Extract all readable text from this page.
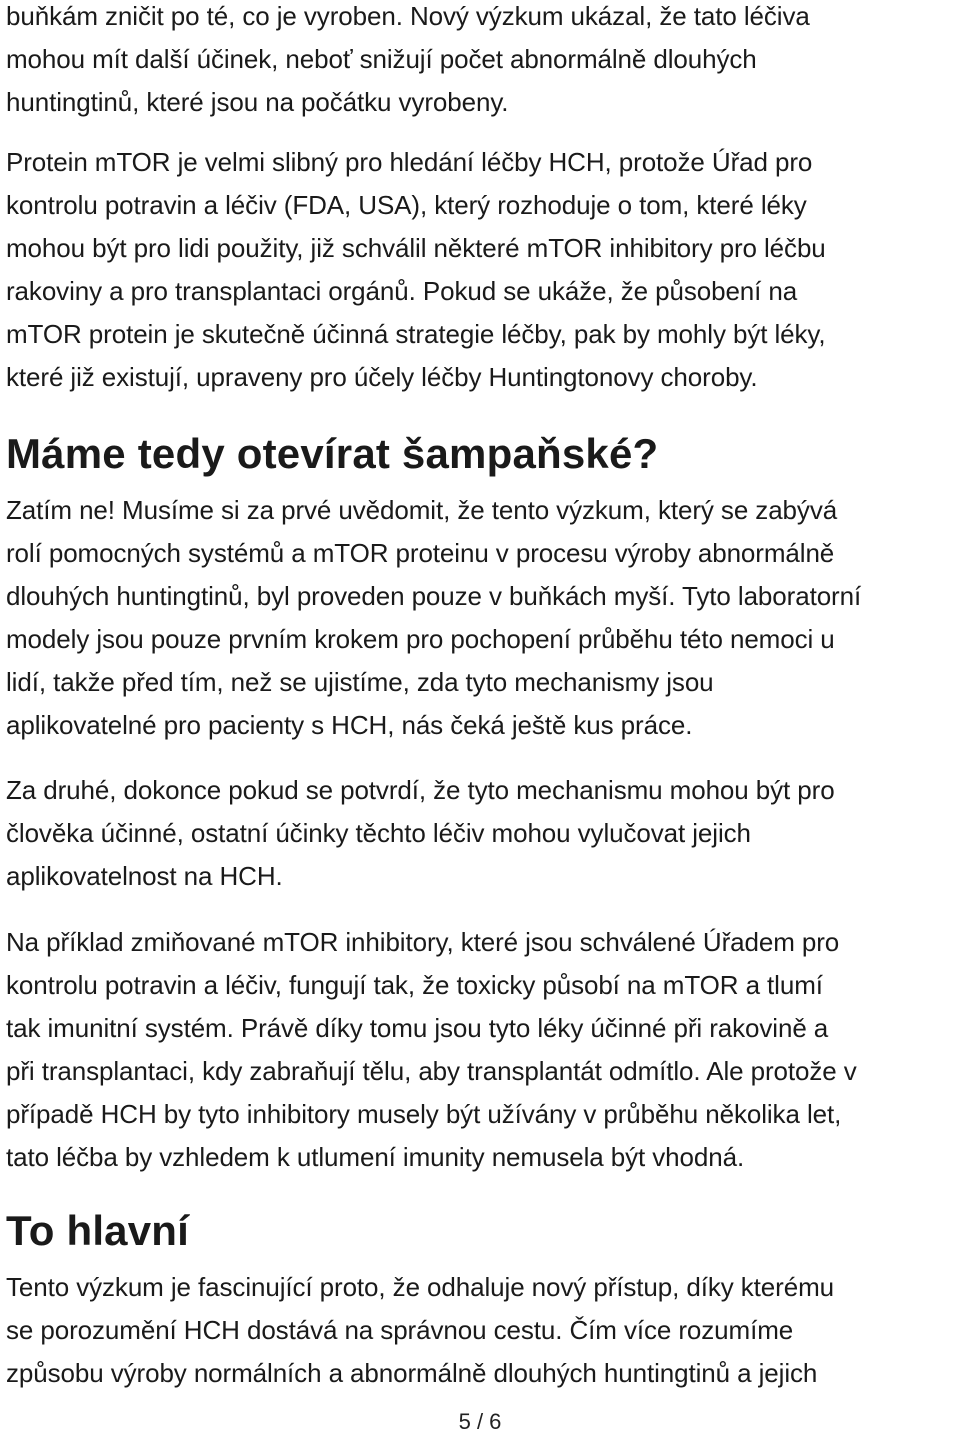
buňkám zničit po té, co je vyroben. Nový výzkum ukázal, že tato léčiva
mohou mít další účinek, neboť snižují počet abnormálně dlouhých
huntingtinů, které jsou na počátku vyrobeny.

Protein mTOR je velmi slibný pro hledání léčby HCH, protože Úřad pro
kontrolu potravin a léčiv (FDA, USA), který rozhoduje o tom, které léky
mohou být pro lidi použity, již schválil některé mTOR inhibitory pro léčbu
rakoviny a pro transplantaci orgánů. Pokud se ukáže, že působení na
mTOR protein je skutečně účinná strategie léčby, pak by mohly být léky,
které již existují, upraveny pro účely léčby Huntingtonovy choroby.

Máme tedy otevírat šampaňské?

Zatím ne! Musíme si za prvé uvědomit, že tento výzkum, který se zabývá
rolí pomocných systémů a mTOR proteinu v procesu výroby abnormálně
dlouhých huntingtinů, byl proveden pouze v buňkách myší. Tyto laboratorní
modely jsou pouze prvním krokem pro pochopení průběhu této nemoci u
lidí, takže před tím, než se ujistíme, zda tyto mechanismy jsou
aplikovatelné pro pacienty s HCH, nás čeká ještě kus práce.

Za druhé, dokonce pokud se potvrdí, že tyto mechanismu mohou být pro
člověka účinné, ostatní účinky těchto léčiv mohou vylučovat jejich
aplikovatelnost na HCH.

Na příklad zmiňované mTOR inhibitory, které jsou schválené Úřadem pro
kontrolu potravin a léčiv, fungují tak, že toxicky působí na mTOR a tlumí
tak imunitní systém. Právě díky tomu jsou tyto léky účinné při rakovině a
při transplantaci, kdy zabraňují tělu, aby transplantát odmítlo. Ale protože v
případě HCH by tyto inhibitory musely být užívány v průběhu několika let,
tato léčba by vzhledem k utlumení imunity nemusela být vhodná.

To hlavní

Tento výzkum je fascinující proto, že odhaluje nový přístup, díky kterému
se porozumění HCH dostává na správnou cestu. Čím více rozumíme
způsobu výroby normálních a abnormálně dlouhých huntingtinů a jejich

5 / 6
